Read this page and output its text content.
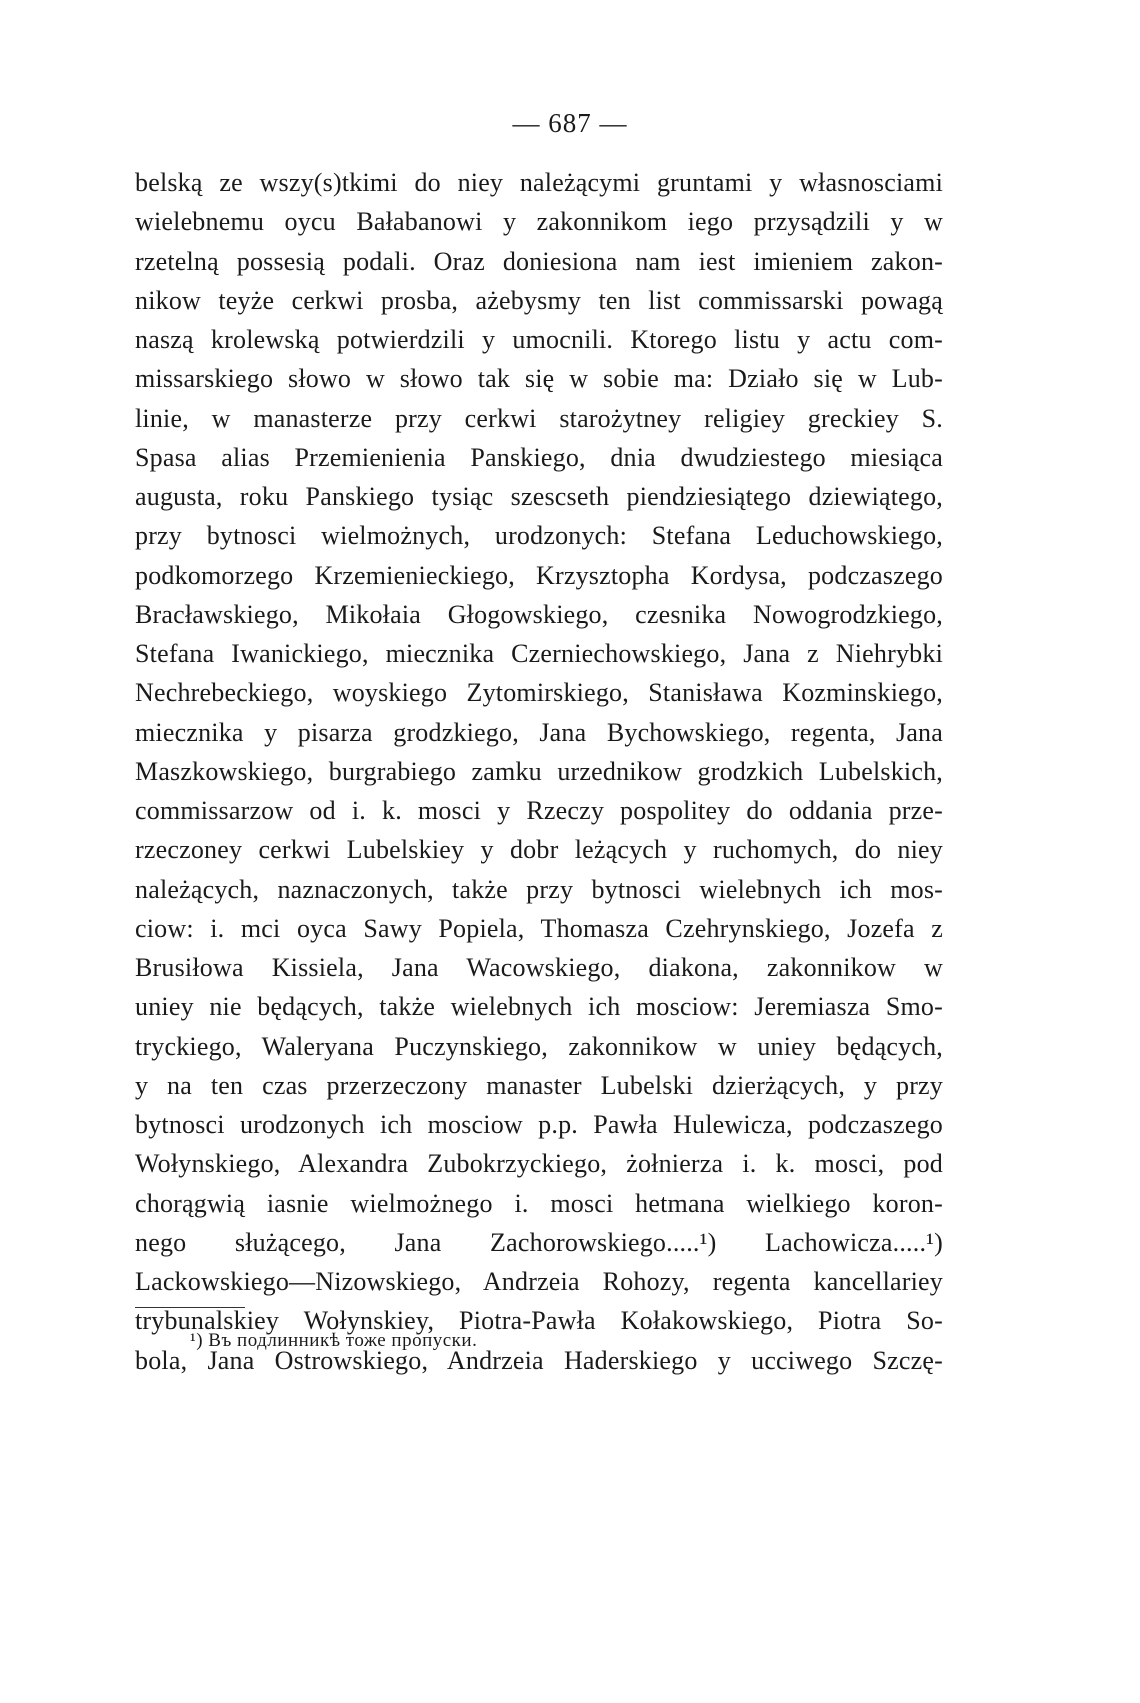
— 687 —
belską ze wszy(s)tkimi do niey należącymi gruntami y własnosciami
wielebnemu oycu Bałabanowi y zakonnikom iego przysądzili y w
rzetelną possesią podali. Oraz doniesiona nam iest imieniem zakon-
nikow teyże cerkwi prosba, ażebysmy ten list commissarski powagą
naszą krolewską potwierdzili y umocnili. Ktorego listu y actu com-
missarskiego słowo w słowo tak się w sobie ma: Działo się w Lub-
linie, w manasterze przy cerkwi starożytney religiey greckiey S.
Spasa alias Przemienienia Panskiego, dnia dwudziestego miesiąca
augusta, roku Panskiego tysiąc szescseth piendziesiątego dziewiątego,
przy bytnosci wielmożnych, urodzonych: Stefana Leduchowskiego,
podkomorzego Krzemienieckiego, Krzysztopha Kordysa, podczaszego
Bracławskiego, Mikołaia Głogowskiego, czesnika Nowogrodzkiego,
Stefana Iwanickiego, miecznika Czerniechowskiego, Jana z Niehrybki
Nechrebeckiego, woyskiego Zytomirskiego, Stanisława Kozminskiego,
miecznika y pisarza grodzkiego, Jana Bychowskiego, regenta, Jana
Maszkowskiego, burgrabiego zamku urzednikow grodzkich Lubelskich,
commissarzow od i. k. mosci y Rzeczy pospolitey do oddania prze-
rzeczoney cerkwi Lubelskiey y dobr leżących y ruchomych, do niey
należących, naznaczonych, także przy bytnosci wielebnych ich mos-
ciow: i. mci oyca Sawy Popiela, Thomasza Czehrynskiego, Jozefa z
Brusiłowa Kissiela, Jana Wacowskiego, diakona, zakonnikow w
uniey nie będących, także wielebnych ich mosciow: Jeremiasza Smo-
tryckiego, Waleryana Puczynskiego, zakonnikow w uniey będących,
y na ten czas przerzeczony manaster Lubelski dzierżących, y przy
bytnosci urodzonych ich mosciow p.p. Pawła Hulewicza, podczaszego
Wołynskiego, Alexandra Zubokrzyckiego, żołnierza i. k. mosci, pod
chorągwią iasnie wielmożnego i. mosci hetmana wielkiego koron-
nego służącego, Jana Zachorowskiego.....¹) Lachowicza.....¹)
Lackowskiego—Nizowskiego, Andrzeia Rohozy, regenta kancellariey
trybunalskiey Wołynskiey, Piotra-Pawła Kołakowskiego, Piotra So-
bola, Jana Ostrowskiego, Andrzeia Haderskiego y ucciwego Szczę-
¹) Въ подлинникѣ тоже пропуски.
